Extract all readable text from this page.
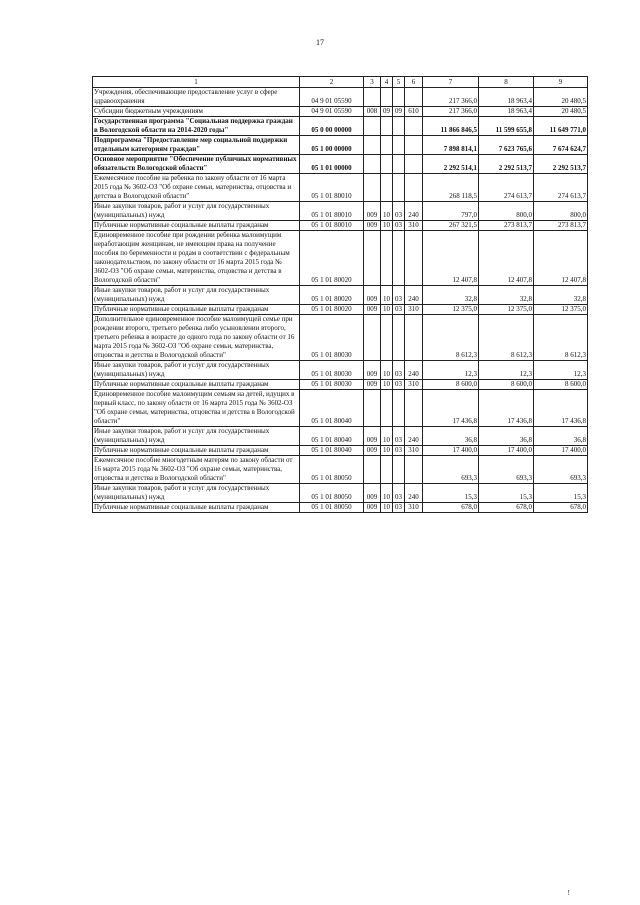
17
1	2	3	4	5	6	7	8	9
Учреждения, обеспечивающие предоставление услуг в сфере здравоохранения	04 9 01 05590					217 366,0	18 963,4	20 480,5
Субсидии бюджетным учреждениям	04 9 01 05590	008	09	09	610	217 366,0	18 963,4	20 480,5
Государственная программа "Социальная поддержка граждан в Вологодской области на 2014-2020 годы"	05 0 00 00000					11 866 846,5	11 599 655,8	11 649 771,0
Подпрограмма "Предоставление мер социальной поддержки отдельным категориям граждан"	05 1 00 00000					7 898 814,1	7 623 765,6	7 674 624,7
Основное мероприятие "Обеспечение публичных нормативных обязательств Вологодской области"	05 1 01 00000					2 292 514,1	2 292 513,7	2 292 513,7
Ежемесячное пособие на ребенка по закону области от 16 марта 2015 года № 3602-ОЗ "Об охране семьи, материнства, отцовства и детства в Вологодской области"	05 1 01 80010					268 118,5	274 613,7	274 613,7
Иные закупки товаров, работ и услуг для государственных (муниципальных) нужд	05 1 01 80010	009	10	03	240	797,0	800,0	800,0
Публичные нормативные социальные выплаты гражданам	05 1 01 80010	009	10	03	310	267 321,5	273 813,7	273 813,7
Единовременное пособие при рождении ребенка малоимущим неработающим женщинам, не имеющим права на получение пособия по беременности и родам в соответствии с федеральным законодательством, по закону области от 16 марта 2015 года № 3602-ОЗ "Об охране семьи, материнства, отцовства и детства в Вологодской области"	05 1 01 80020					12 407,8	12 407,8	12 407,8
Иные закупки товаров, работ и услуг для государственных (муниципальных) нужд	05 1 01 80020	009	10	03	240	32,8	32,8	32,8
Публичные нормативные социальные выплаты гражданам	05 1 01 80020	009	10	03	310	12 375,0	12 375,0	12 375,0
Дополнительное единовременное пособие малоимущей семье при рождении второго, третьего ребенка либо усыновлении второго, третьего ребенка в возрасте до одного года по закону области от 16 марта 2015 года № 3602-ОЗ "Об охране семьи, материнства, отцовства и детства в Вологодской области"	05 1 01 80030					8 612,3	8 612,3	8 612,3
Иные закупки товаров, работ и услуг для государственных (муниципальных) нужд	05 1 01 80030	009	10	03	240	12,3	12,3	12,3
Публичные нормативные социальные выплаты гражданам	05 1 01 80030	009	10	03	310	8 600,0	8 600,0	8 600,0
Единовременное пособие малоимущим семьям на детей, идущих в первый класс, по закону области от 16 марта 2015 года № 3602-ОЗ "Об охране семьи, материнства, отцовства и детства в Вологодской области"	05 1 01 80040					17 436,8	17 436,8	17 436,8
Иные закупки товаров, работ и услуг для государственных (муниципальных) нужд	05 1 01 80040	009	10	03	240	36,8	36,8	36,8
Публичные нормативные социальные выплаты гражданам	05 1 01 80040	009	10	03	310	17 400,0	17 400,0	17 400,0
Ежемесячное пособие многодетным матерям по закону области от 16 марта 2015 года № 3602-ОЗ "Об охране семьи, материнства, отцовства и детства в Вологодской области"	05 1 01 80050					693,3	693,3	693,3
Иные закупки товаров, работ и услуг для государственных (муниципальных) нужд	05 1 01 80050	009	10	03	240	15,3	15,3	15,3
Публичные нормативные социальные выплаты гражданам	05 1 01 80050	009	10	03	310	678,0	678,0	678,0
!
